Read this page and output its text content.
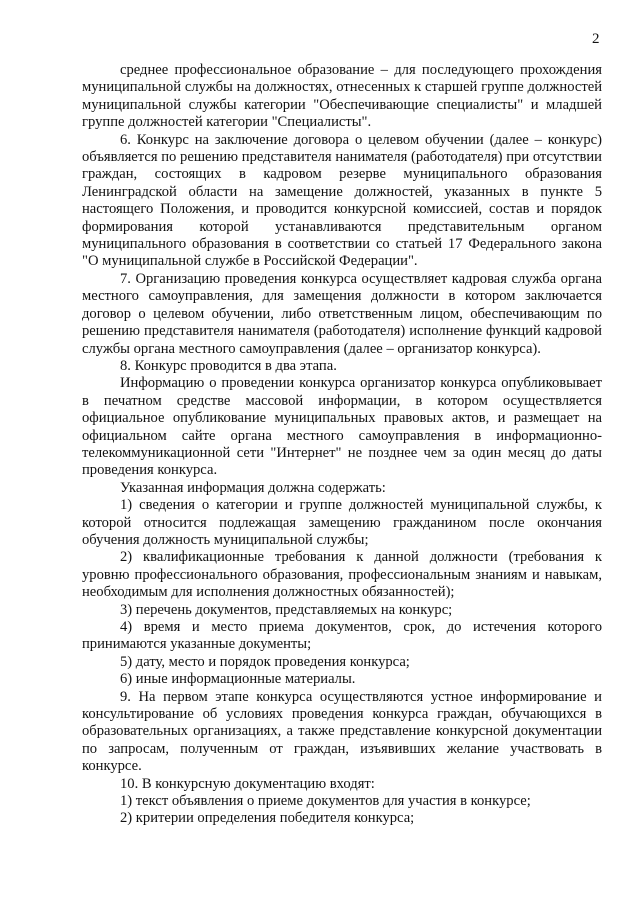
2

среднее профессиональное образование – для последующего прохождения муниципальной службы на должностях, отнесенных к старшей группе должностей муниципальной службы категории "Обеспечивающие специалисты" и младшей группе должностей категории "Специалисты".

6. Конкурс на заключение договора о целевом обучении (далее – конкурс) объявляется по решению представителя нанимателя (работодателя) при отсутствии граждан, состоящих в кадровом резерве муниципального образования Ленинградской области на замещение должностей, указанных в пункте 5 настоящего Положения, и проводится конкурсной комиссией, состав и порядок формирования которой устанавливаются представительным органом муниципального образования в соответствии со статьей 17 Федерального закона "О муниципальной службе в Российской Федерации".

7. Организацию проведения конкурса осуществляет кадровая служба органа местного самоуправления, для замещения должности в котором заключается договор о целевом обучении, либо ответственным лицом, обеспечивающим по решению представителя нанимателя (работодателя) исполнение функций кадровой службы органа местного самоуправления (далее – организатор конкурса).

8. Конкурс проводится в два этапа.

Информацию о проведении конкурса организатор конкурса опубликовывает в печатном средстве массовой информации, в котором осуществляется официальное опубликование муниципальных правовых актов, и размещает на официальном сайте органа местного самоуправления в информационно-телекоммуникационной сети "Интернет" не позднее чем за один месяц до даты проведения конкурса.

Указанная информация должна содержать:

1) сведения о категории и группе должностей муниципальной службы, к которой относится подлежащая замещению гражданином после окончания обучения должность муниципальной службы;

2) квалификационные требования к данной должности (требования к уровню профессионального образования, профессиональным знаниям и навыкам, необходимым для исполнения должностных обязанностей);

3) перечень документов, представляемых на конкурс;

4) время и место приема документов, срок, до истечения которого принимаются указанные документы;

5) дату, место и порядок проведения конкурса;

6) иные информационные материалы.

9. На первом этапе конкурса осуществляются устное информирование и консультирование об условиях проведения конкурса граждан, обучающихся в образовательных организациях, а также представление конкурсной документации по запросам, полученным от граждан, изъявивших желание участвовать в конкурсе.

10. В конкурсную документацию входят:

1) текст объявления о приеме документов для участия в конкурсе;

2) критерии определения победителя конкурса;
